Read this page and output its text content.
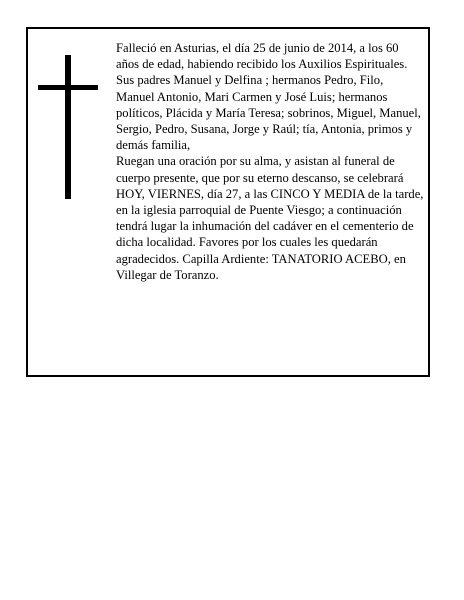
Falleció en Asturias, el día 25 de junio de 2014, a los 60 años de edad, habiendo recibido los Auxilios Espirituales.

Sus padres Manuel y Delfina ; hermanos Pedro, Filo, Manuel Antonio, Mari Carmen y José Luis; hermanos políticos, Plácida y María Teresa; sobrinos, Miguel, Manuel, Sergio, Pedro, Susana, Jorge y Raúl; tía, Antonia, primos y demás familia,

Ruegan una oración por su alma, y asistan al funeral de cuerpo presente, que por su eterno descanso, se celebrará HOY, VIERNES, día 27, a las CINCO Y MEDIA de la tarde, en la iglesia parroquial de Puente Viesgo; a continuación tendrá lugar la inhumación del cadáver en el cementerio de dicha localidad. Favores por los cuales les quedarán agradecidos. Capilla Ardiente: TANATORIO ACEBO, en Villegar de Toranzo.
